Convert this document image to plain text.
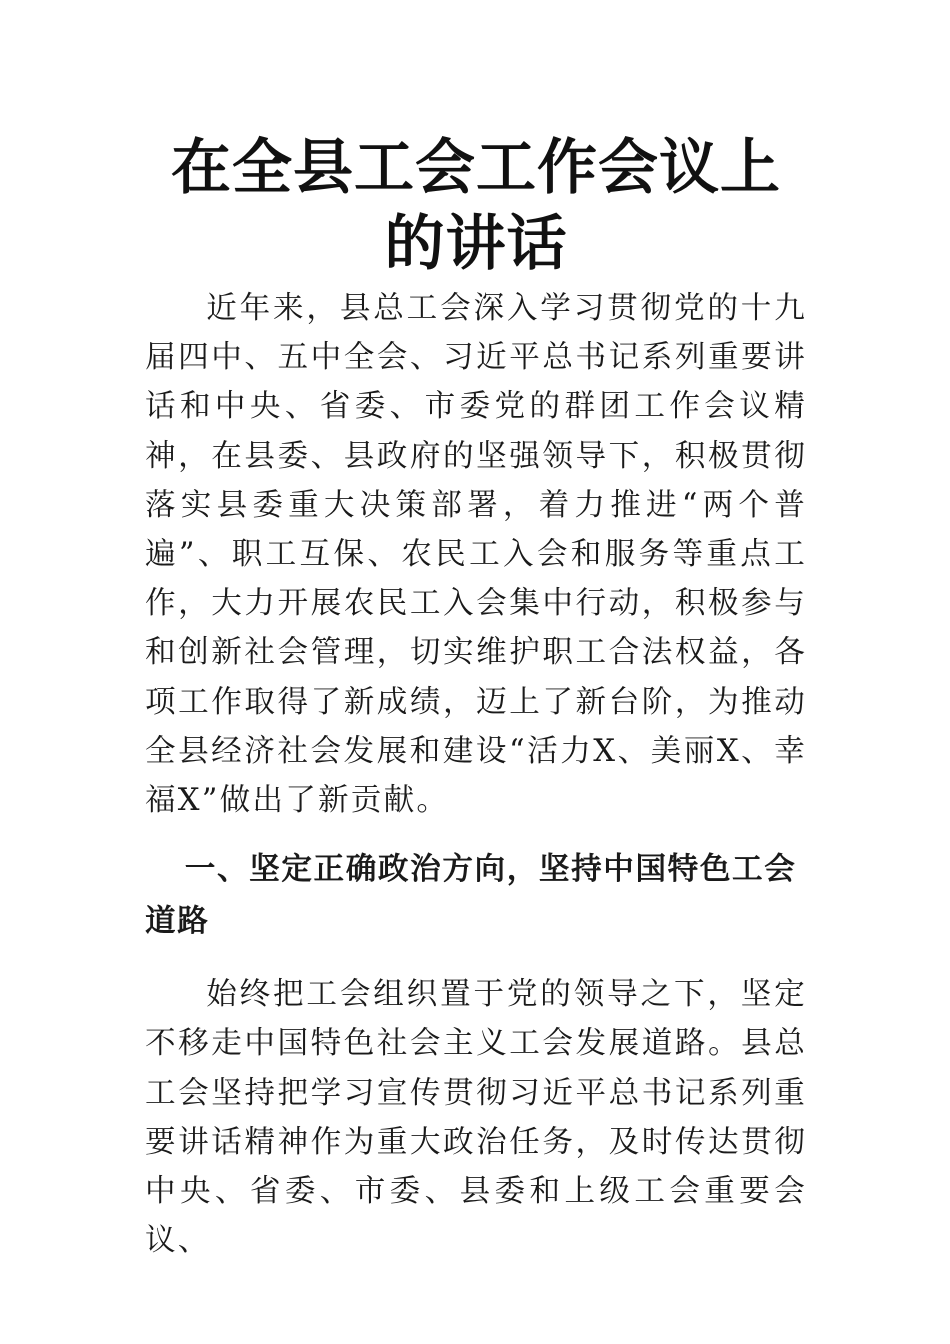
在全县工会工作会议上的讲话

近年来，县总工会深入学习贯彻党的十九届四中、五中全会、习近平总书记系列重要讲话和中央、省委、市委党的群团工作会议精神，在县委、县政府的坚强领导下，积极贯彻落实县委重大决策部署，着力推进“两个普遍”、职工互保、农民工入会和服务等重点工作，大力开展农民工入会集中行动，积极参与和创新社会管理，切实维护职工合法权益，各项工作取得了新成绩，迈上了新台阶，为推动全县经济社会发展和建设“活力X、美丽X、幸福X”做出了新贡献。

一、坚定正确政治方向，坚持中国特色工会道路

始终把工会组织置于党的领导之下，坚定不移走中国特色社会主义工会发展道路。县总工会坚持把学习宣传贯彻习近平总书记系列重要讲话精神作为重大政治任务，及时传达贯彻中央、省委、市委、县委和上级工会重要会议、
